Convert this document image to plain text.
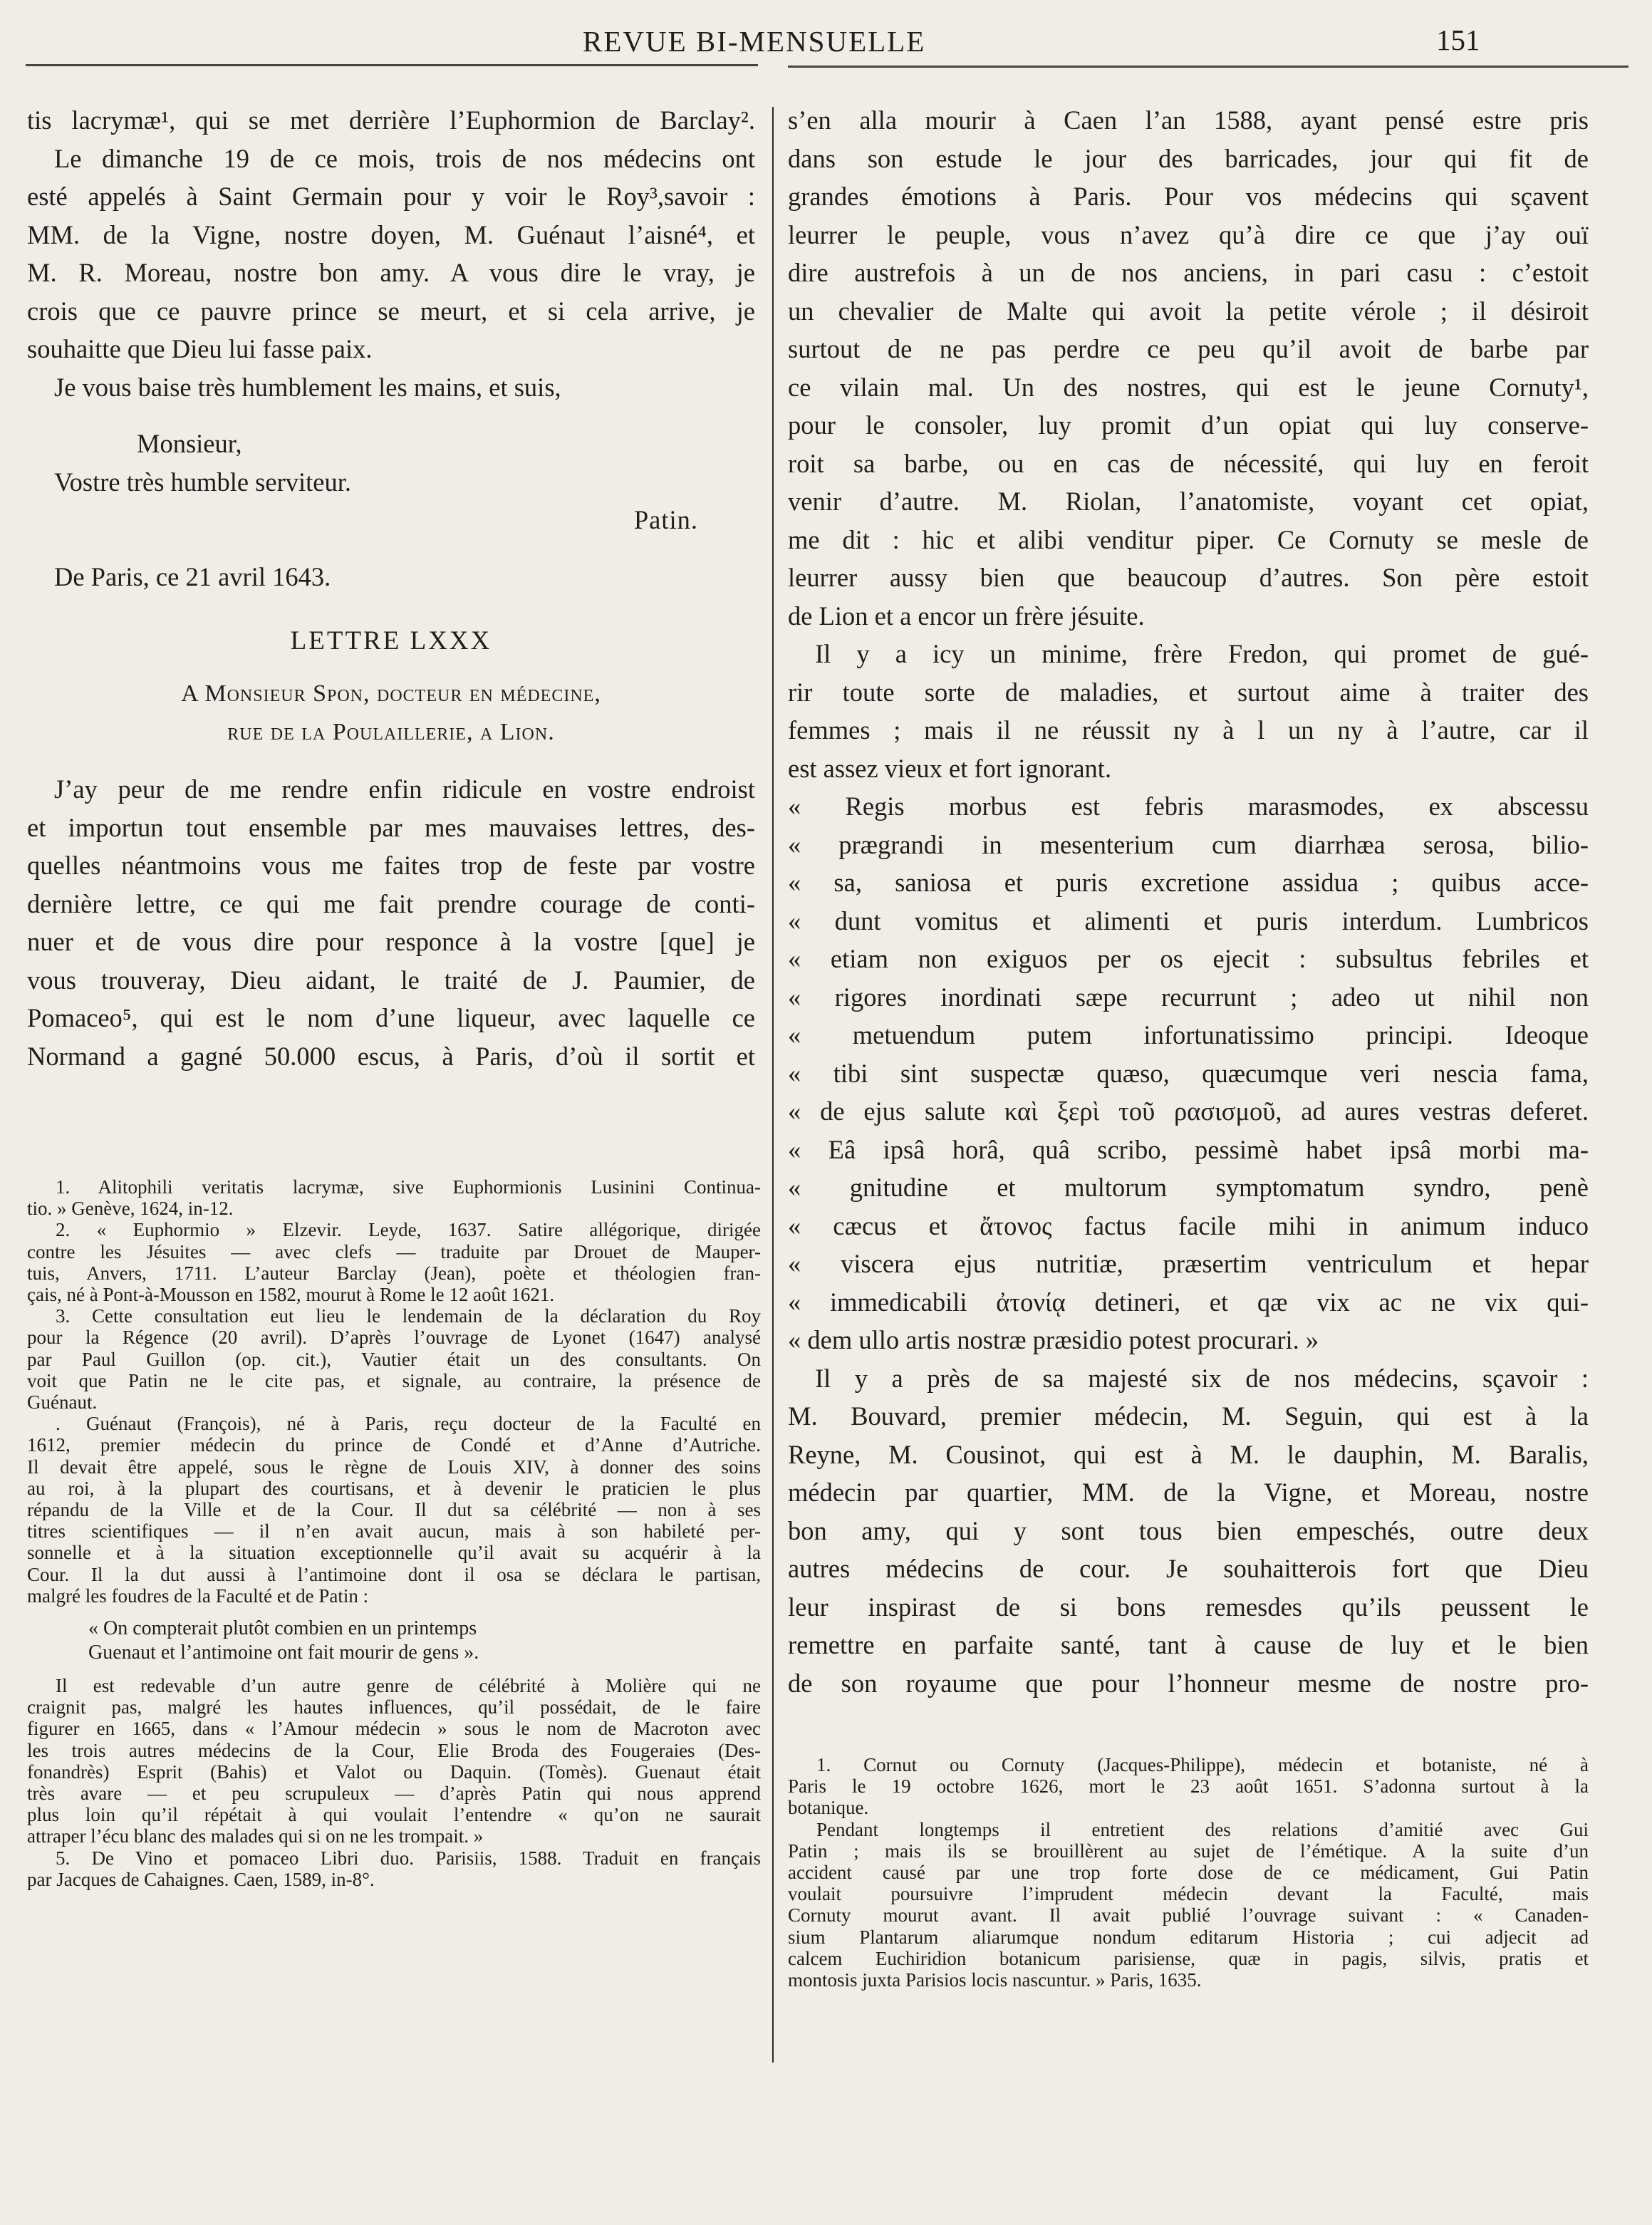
REVUE BI-MENSUELLE	151
tis lacrymæ¹, qui se met derrière l’Euphormion de Barclay².
Le dimanche 19 de ce mois, trois de nos médecins ont
esté appelés à Saint Germain pour y voir le Roy³,savoir :
MM. de la Vigne, nostre doyen, M. Guénaut l’aisné⁴, et
M. R. Moreau, nostre bon amy. A vous dire le vray, je
crois que ce pauvre prince se meurt, et si cela arrive, je
souhaitte que Dieu lui fasse paix.
Je vous baise très humblement les mains, et suis,
Monsieur,
Vostre très humble serviteur.
Patin.
De Paris, ce 21 avril 1643.
LETTRE LXXX
A Monsieur Spon, docteur en médecine,
rue de la Poulaillerie, a Lion.
J’ay peur de me rendre enfin ridicule en vostre endroist
et importun tout ensemble par mes mauvaises lettres, des-
quelles néantmoins vous me faites trop de feste par vostre
dernière lettre, ce qui me fait prendre courage de conti-
nuer et de vous dire pour responce à la vostre [que] je
vous trouveray, Dieu aidant, le traité de J. Paumier, de
Pomaceo⁵, qui est le nom d’une liqueur, avec laquelle ce
Normand a gagné 50.000 escus, à Paris, d’où il sortit et
1. Alitophili veritatis lacrymæ, sive Euphormionis Lusinini Continua-
tio. » Genève, 1624, in-12.
2. « Euphormio » Elzevir. Leyde, 1637. Satire allégorique, dirigée
contre les Jésuites — avec clefs — traduite par Drouet de Mauper-
tuis, Anvers, 1711. L’auteur Barclay (Jean), poète et théologien fran-
çais, né à Pont-à-Mousson en 1582, mourut à Rome le 12 août 1621.
3. Cette consultation eut lieu le lendemain de la déclaration du Roy
pour la Régence (20 avril). D’après l’ouvrage de Lyonet (1647) analysé
par Paul Guillon (op. cit.), Vautier était un des consultants. On
voit que Patin ne le cite pas, et signale, au contraire, la présence de
Guénaut.
. Guénaut (François), né à Paris, reçu docteur de la Faculté en
1612, premier médecin du prince de Condé et d’Anne d’Autriche.
Il devait être appelé, sous le règne de Louis XIV, à donner des soins
au roi, à la plupart des courtisans, et à devenir le praticien le plus
répandu de la Ville et de la Cour. Il dut sa célébrité — non à ses
titres scientifiques — il n’en avait aucun, mais à son habileté per-
sonnelle et à la situation exceptionnelle qu’il avait su acquérir à la
Cour. Il la dut aussi à l’antimoine dont il osa se déclara le partisan,
malgré les foudres de la Faculté et de Patin :
« On compterait plutôt combien en un printemps
Guenaut et l’antimoine ont fait mourir de gens ».
Il est redevable d’un autre genre de célébrité à Molière qui ne
craignit pas, malgré les hautes influences, qu’il possédait, de le faire
figurer en 1665, dans « l’Amour médecin » sous le nom de Macroton avec
les trois autres médecins de la Cour, Elie Broda des Fougeraies (Des-
fonandrès) Esprit (Bahis) et Valot ou Daquin. (Tomès). Guenaut était
très avare — et peu scrupuleux — d’après Patin qui nous apprend
plus loin qu’il répétait à qui voulait l’entendre « qu’on ne saurait
attraper l’écu blanc des malades qui si on ne les trompait. »
5. De Vino et pomaceo Libri duo. Parisiis, 1588. Traduit en français
par Jacques de Cahaignes. Caen, 1589, in-8°.
s’en alla mourir à Caen l’an 1588, ayant pensé estre pris
dans son estude le jour des barricades, jour qui fit de
grandes émotions à Paris. Pour vos médecins qui sçavent
leurrer le peuple, vous n’avez qu’à dire ce que j’ay ouï
dire austrefois à un de nos anciens, in pari casu : c’estoit
un chevalier de Malte qui avoit la petite vérole ; il désiroit
surtout de ne pas perdre ce peu qu’il avoit de barbe par
ce vilain mal. Un des nostres, qui est le jeune Cornuty¹,
pour le consoler, luy promit d’un opiat qui luy conserve-
roit sa barbe, ou en cas de nécessité, qui luy en feroit
venir d’autre. M. Riolan, l’anatomiste, voyant cet opiat,
me dit : hic et alibi venditur piper. Ce Cornuty se mesle de
leurrer aussy bien que beaucoup d’autres. Son père estoit
de Lion et a encor un frère jésuite.
Il y a icy un minime, frère Fredon, qui promet de gué-
rir toute sorte de maladies, et surtout aime à traiter des
femmes ; mais il ne réussit ny à l un ny à l’autre, car il
est assez vieux et fort ignorant.
« Regis morbus est febris marasmodes, ex abscessu
« prægrandi in mesenterium cum diarrhæa serosa, bilio-
« sa, saniosa et puris excretione assidua ; quibus acce-
« dunt vomitus et alimenti et puris interdum. Lumbricos
« etiam non exiguos per os ejecit : subsultus febriles et
« rigores inordinati sæpe recurrunt ; adeo ut nihil non
« metuendum putem infortunatissimo principi. Ideoque
« tibi sint suspectæ quæso, quæcumque veri nescia fama,
« de ejus salute καὶ ξερὶ τοῦ ρασισμοῦ, ad aures vestras deferet.
« Eâ ipsâ horâ, quâ scribo, pessimè habet ipsâ morbi ma-
« gnitudine et multorum symptomatum syndro, penè
« cæcus et ἄτονος factus facile mihi in animum induco
« viscera ejus nutritiæ, præsertim ventriculum et hepar
« immedicabili ἀτονίᾳ detineri, et qæ vix ac ne vix qui-
« dem ullo artis nostræ præsidio potest procurari. »
Il y a près de sa majesté six de nos médecins, sçavoir :
M. Bouvard, premier médecin, M. Seguin, qui est à la
Reyne, M. Cousinot, qui est à M. le dauphin, M. Baralis,
médecin par quartier, MM. de la Vigne, et Moreau, nostre
bon amy, qui y sont tous bien empeschés, outre deux
autres médecins de cour. Je souhaitterois fort que Dieu
leur inspirast de si bons remesdes qu’ils peussent le
remettre en parfaite santé, tant à cause de luy et le bien
de son royaume que pour l’honneur mesme de nostre pro-
1. Cornut ou Cornuty (Jacques-Philippe), médecin et botaniste, né à
Paris le 19 octobre 1626, mort le 23 août 1651. S’adonna surtout à la
botanique.
Pendant longtemps il entretient des relations d’amitié avec Gui
Patin ; mais ils se brouillèrent au sujet de l’émétique. A la suite d’un
accident causé par une trop forte dose de ce médicament, Gui Patin
voulait poursuivre l’imprudent médecin devant la Faculté, mais
Cornuty mourut avant. Il avait publié l’ouvrage suivant : « Canaden-
sium Plantarum aliarumque nondum editarum Historia ; cui adjecit ad
calcem Euchiridion botanicum parisiense, quæ in pagis, silvis, pratis et
montosis juxta Parisios locis nascuntur. » Paris, 1635.
